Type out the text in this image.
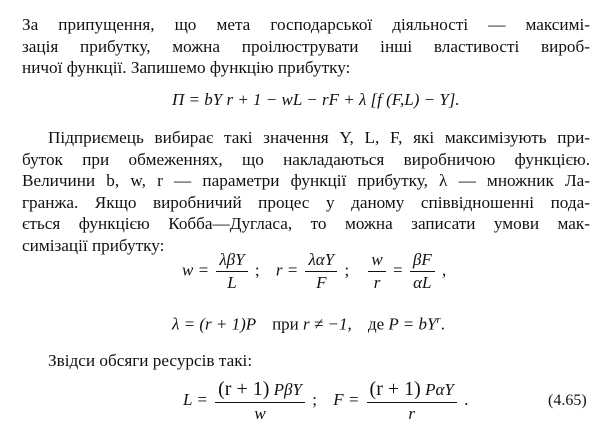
За припущення, що мета господарської діяльності — максимі-
зація прибутку, можна проілюструвати інші властивості вироб-
ничої функції. Запишемо функцію прибутку:

П = bY r + 1 − wL − rF + λ [f (F,L) − Y].

Підприємець вибирає такі значення Y, L, F, які максимізують при-
буток при обмеженнях, що накладаються виробничою функцією.
Величини b, w, r — параметри функції прибутку, λ — множник Ла-
гранжа. Якщо виробничий процес у даному співвідношенні пода-
ється функцією Кобба—Дугласа, то можна записати умови мак-
симізації прибутку:

$w = \frac{\text{λβY}}{L}$ ; $r = \frac{\text{λαY}}{F}$ ; $\frac{w}{r} = \frac{\beta F}{\alpha L}$ ,
λ = (r + 1)P при r ≠ −1, де $P = bY^r$.

Звідси обсяги ресурсів такі:

$L = \frac{\text{(r + 1) PβY}}{w}$ ; $F = \frac{\text{(r + 1) PαY}}{r}$ .	(4.65)
